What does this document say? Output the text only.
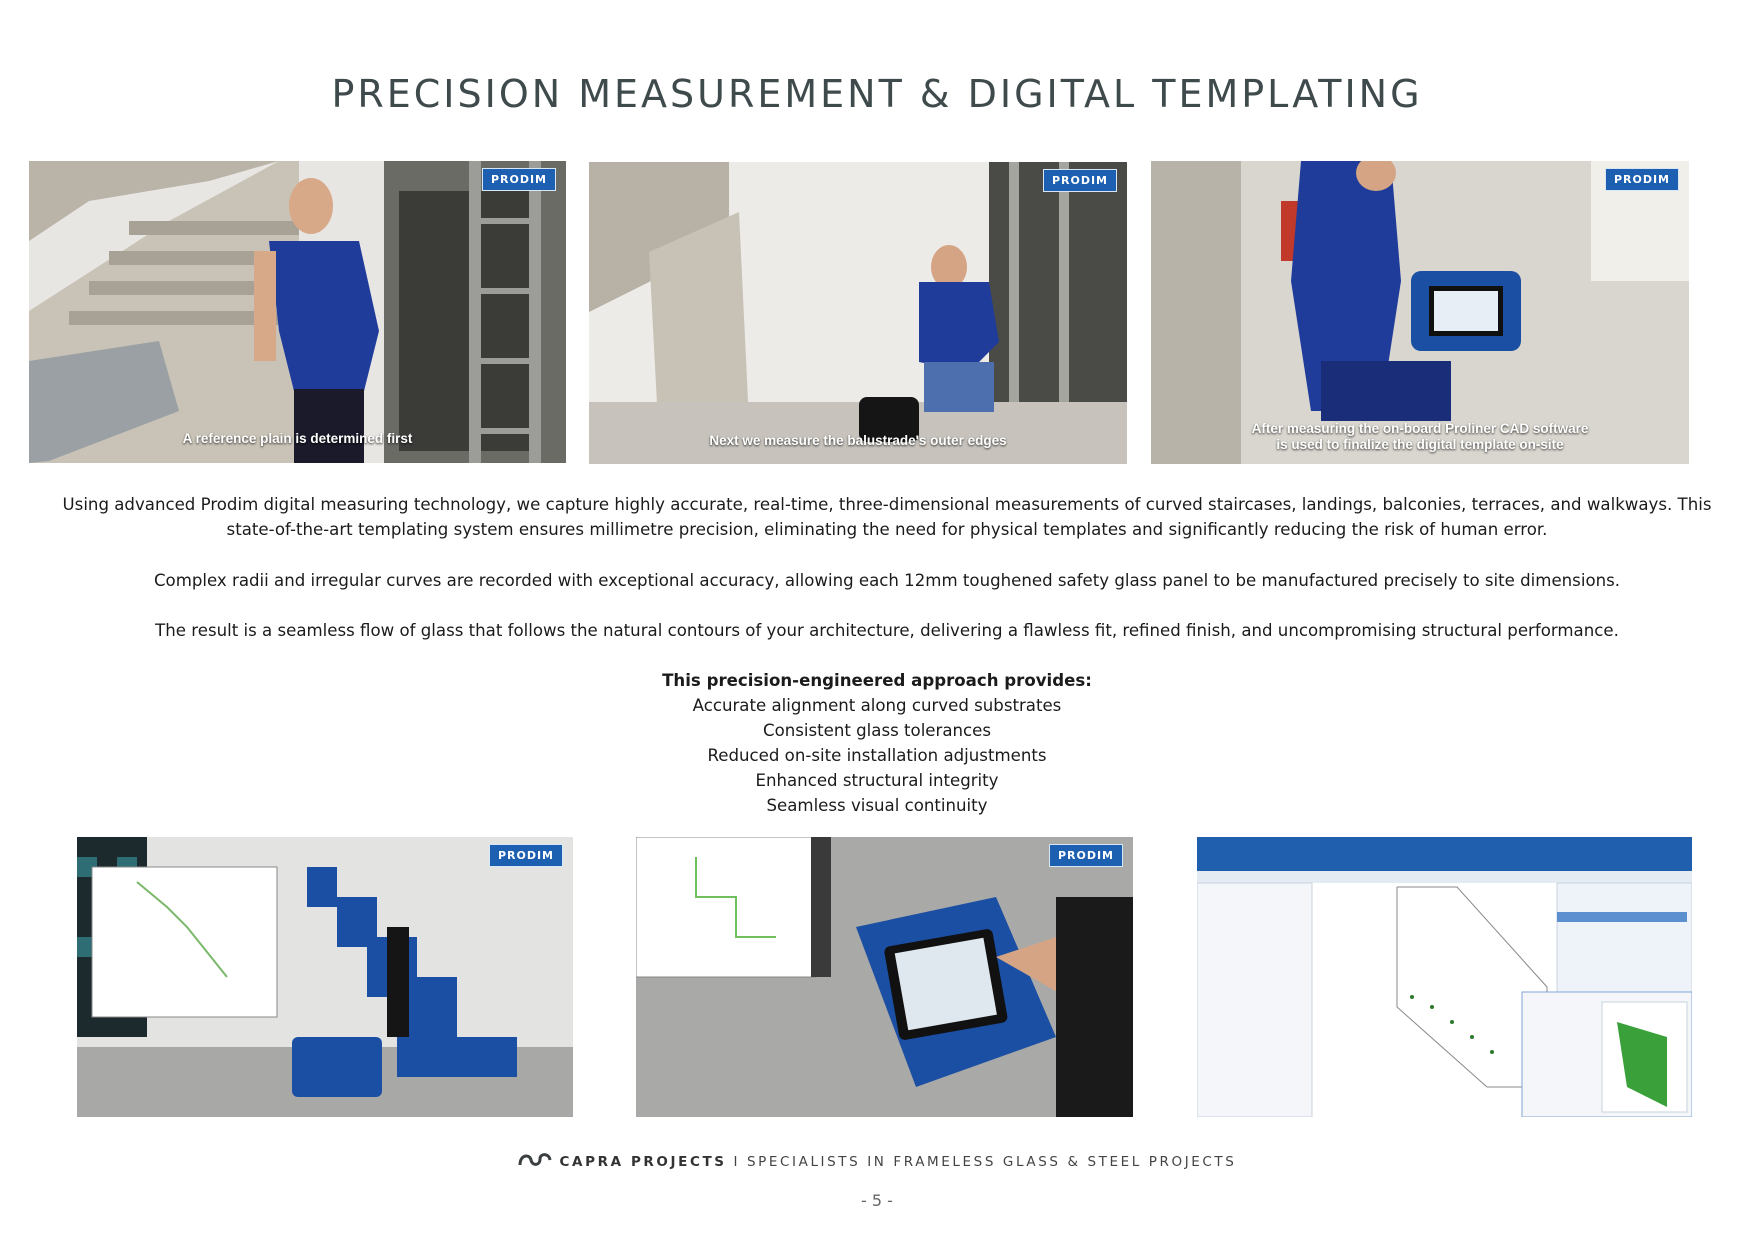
PRECISION MEASUREMENT & DIGITAL TEMPLATING
PRODIM
A reference plain is determined first
PRODIM
Next we measure the balustrade's outer edges
PRODIM
After measuring the on-board Proliner CAD software
is used to finalize the digital template on-site
Using advanced Prodim digital measuring technology, we capture highly accurate, real-time, three-dimensional measurements of curved staircases, landings, balconies, terraces, and walkways. This state-of-the-art templating system ensures millimetre precision, eliminating the need for physical templates and significantly reducing the risk of human error.
Complex radii and irregular curves are recorded with exceptional accuracy, allowing each 12mm toughened safety glass panel to be manufactured precisely to site dimensions.
The result is a seamless flow of glass that follows the natural contours of your architecture, delivering a flawless fit, refined finish, and uncompromising structural performance.
This precision-engineered approach provides:
Accurate alignment along curved substrates
Consistent glass tolerances
Reduced on-site installation adjustments
Enhanced structural integrity
Seamless visual continuity
PRODIM	PRODIM
CAPRA PROJECTS I SPECIALISTS IN FRAMELESS GLASS & STEEL PROJECTS
- 5 -
